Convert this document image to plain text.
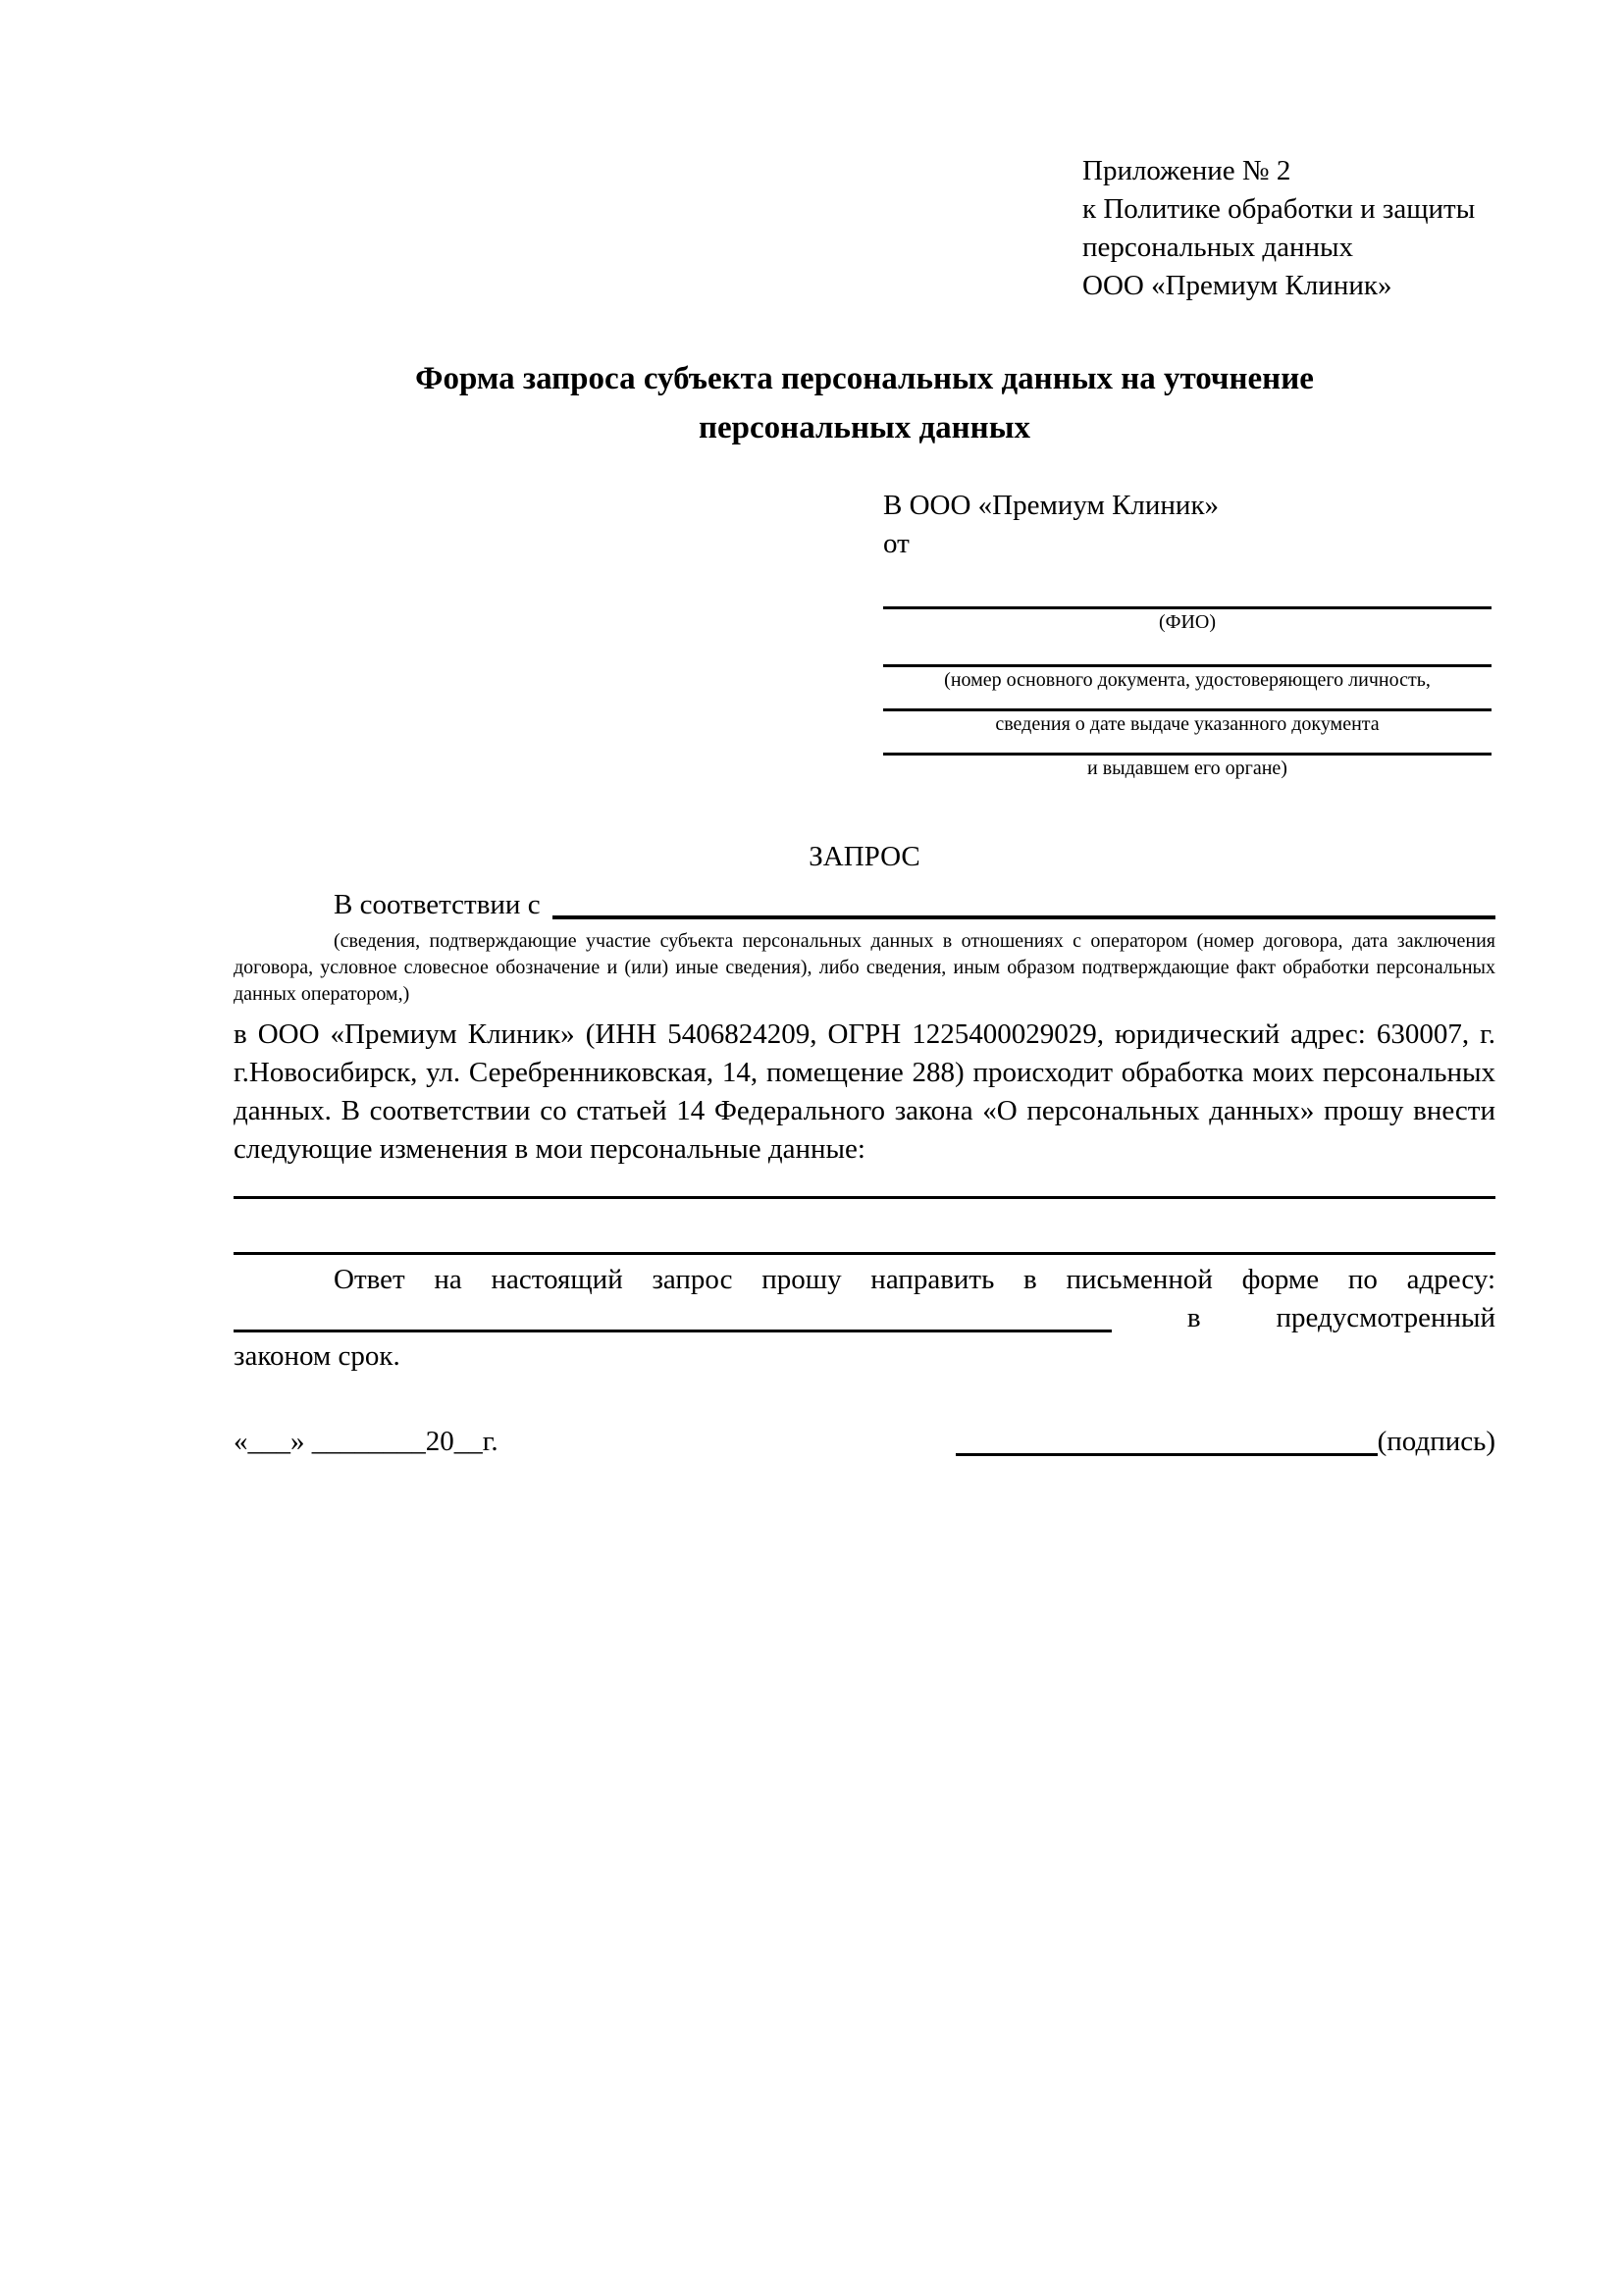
Приложение № 2
к Политике обработки и защиты
персональных данных
ООО «Премиум Клиник»
Форма запроса субъекта персональных данных на уточнение
персональных данных
В ООО «Премиум Клиник»
от
(ФИО)
(номер основного документа, удостоверяющего личность,
сведения о дате выдаче указанного документа
и выдавшем его органе)
ЗАПРОС
В соответствии с
(сведения, подтверждающие участие субъекта персональных данных в отношениях с оператором (номер договора, дата заключения договора, условное словесное обозначение и (или) иные сведения), либо сведения, иным образом подтверждающие факт обработки персональных данных оператором,)
в ООО «Премиум Клиник» (ИНН 5406824209, ОГРН 1225400029029, юридический адрес: 630007, г. г.Новосибирск, ул. Серебренниковская, 14, помещение 288) происходит обработка моих персональных данных. В соответствии со статьей 14 Федерального закона «О персональных данных» прошу внести следующие изменения в мои персональные данные:
Ответ на настоящий запрос прошу направить в письменной форме по адресу:
в	предусмотренный
законом срок.
«___» ________20__г.	(подпись)
